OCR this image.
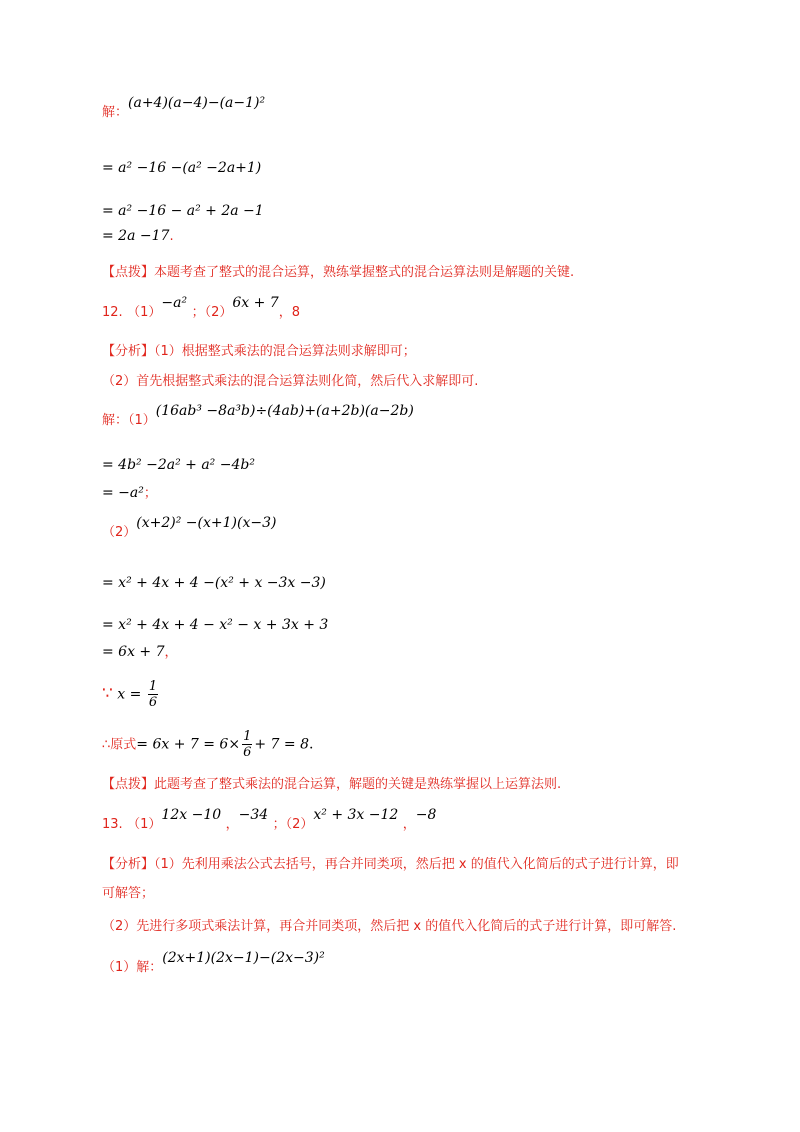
解：(a+4)(a−4)−(a−1)²
= a² −16 −(a² −2a+1)
= a² −16 − a² + 2a −1
= 2a −17.
【点拨】本题考查了整式的混合运算，熟练掌握整式的混合运算法则是解题的关键.
12. （1）−a² ；（2）6x + 7，8
【分析】（1）根据整式乘法的混合运算法则求解即可；
（2）首先根据整式乘法的混合运算法则化简，然后代入求解即可.
解：（1）(16ab³ −8a³b)÷(4ab)+(a+2b)(a−2b)
= 4b² −2a² + a² −4b²
= −a²；
（2）(x+2)² −(x+1)(x−3)
= x² + 4x + 4 −(x² + x −3x −3)
= x² + 4x + 4 − x² − x + 3x + 3
= 6x + 7，
∵ $x = \frac{1}{6}$
∴原式= $6x + 7 = 6\times \frac{1}{6} + 7 = 8$.
【点拨】此题考查了整式乘法的混合运算，解题的关键是熟练掌握以上运算法则.
13. （1）12x −10 ，−34 ；（2）x² + 3x −12 ，−8
【分析】（1）先利用乘法公式去括号，再合并同类项，然后把 x 的值代入化简后的式子进行计算，即
可解答；
（2）先进行多项式乘法计算，再合并同类项，然后把 x 的值代入化简后的式子进行计算，即可解答.
（1）解：(2x+1)(2x−1)−(2x−3)²
